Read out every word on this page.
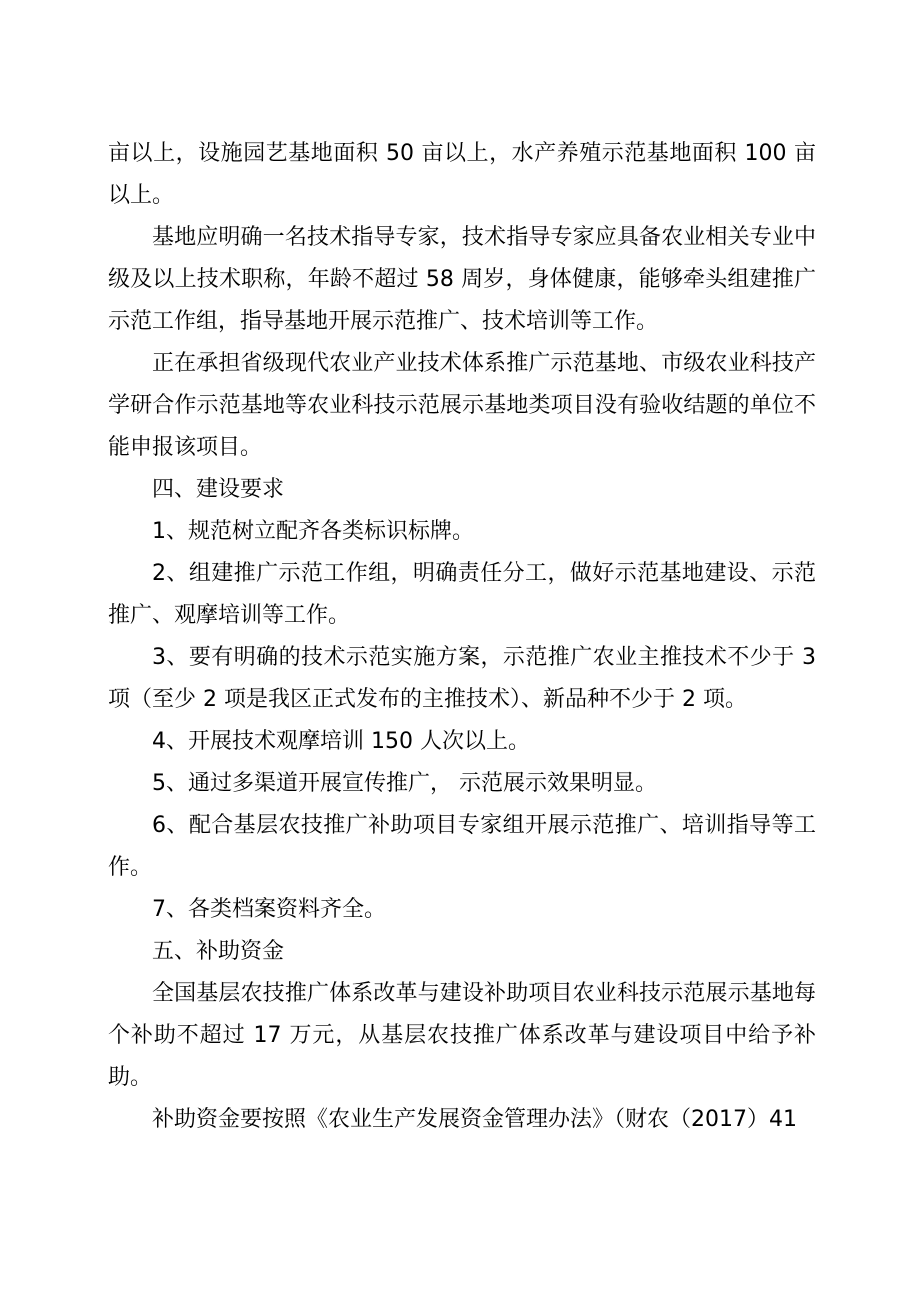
亩以上，设施园艺基地面积 50 亩以上，水产养殖示范基地面积 100 亩以上。

基地应明确一名技术指导专家，技术指导专家应具备农业相关专业中级及以上技术职称，年龄不超过 58 周岁，身体健康，能够牵头组建推广示范工作组，指导基地开展示范推广、技术培训等工作。

正在承担省级现代农业产业技术体系推广示范基地、市级农业科技产学研合作示范基地等农业科技示范展示基地类项目没有验收结题的单位不能申报该项目。

四、建设要求

1、规范树立配齐各类标识标牌。

2、组建推广示范工作组，明确责任分工，做好示范基地建设、示范推广、观摩培训等工作。

3、要有明确的技术示范实施方案，示范推广农业主推技术不少于 3 项（至少 2 项是我区正式发布的主推技术）、新品种不少于 2 项。

4、开展技术观摩培训 150 人次以上。

5、通过多渠道开展宣传推广， 示范展示效果明显。

6、配合基层农技推广补助项目专家组开展示范推广、培训指导等工作。

7、各类档案资料齐全。

五、补助资金

全国基层农技推广体系改革与建设补助项目农业科技示范展示基地每个补助不超过 17 万元，从基层农技推广体系改革与建设项目中给予补助。

补助资金要按照《农业生产发展资金管理办法》（财农（2017）41
